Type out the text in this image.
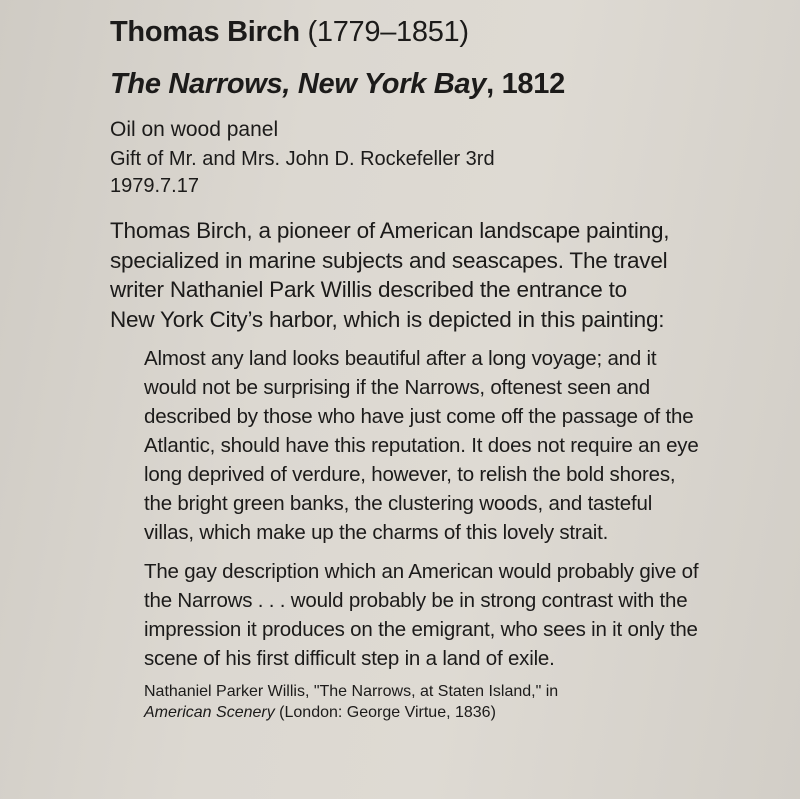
Thomas Birch (1779–1851)
The Narrows, New York Bay, 1812
Oil on wood panel
Gift of Mr. and Mrs. John D. Rockefeller 3rd
1979.7.17
Thomas Birch, a pioneer of American landscape painting,
specialized in marine subjects and seascapes. The travel
writer Nathaniel Park Willis described the entrance to
New York City’s harbor, which is depicted in this painting:

Almost any land looks beautiful after a long voyage; and it
would not be surprising if the Narrows, oftenest seen and
described by those who have just come off the passage of the
Atlantic, should have this reputation. It does not require an eye
long deprived of verdure, however, to relish the bold shores,
the bright green banks, the clustering woods, and tasteful
villas, which make up the charms of this lovely strait.

The gay description which an American would probably give of
the Narrows . . . would probably be in strong contrast with the
impression it produces on the emigrant, who sees in it only the
scene of his first difficult step in a land of exile.

Nathaniel Parker Willis, "The Narrows, at Staten Island," in
American Scenery (London: George Virtue, 1836)
